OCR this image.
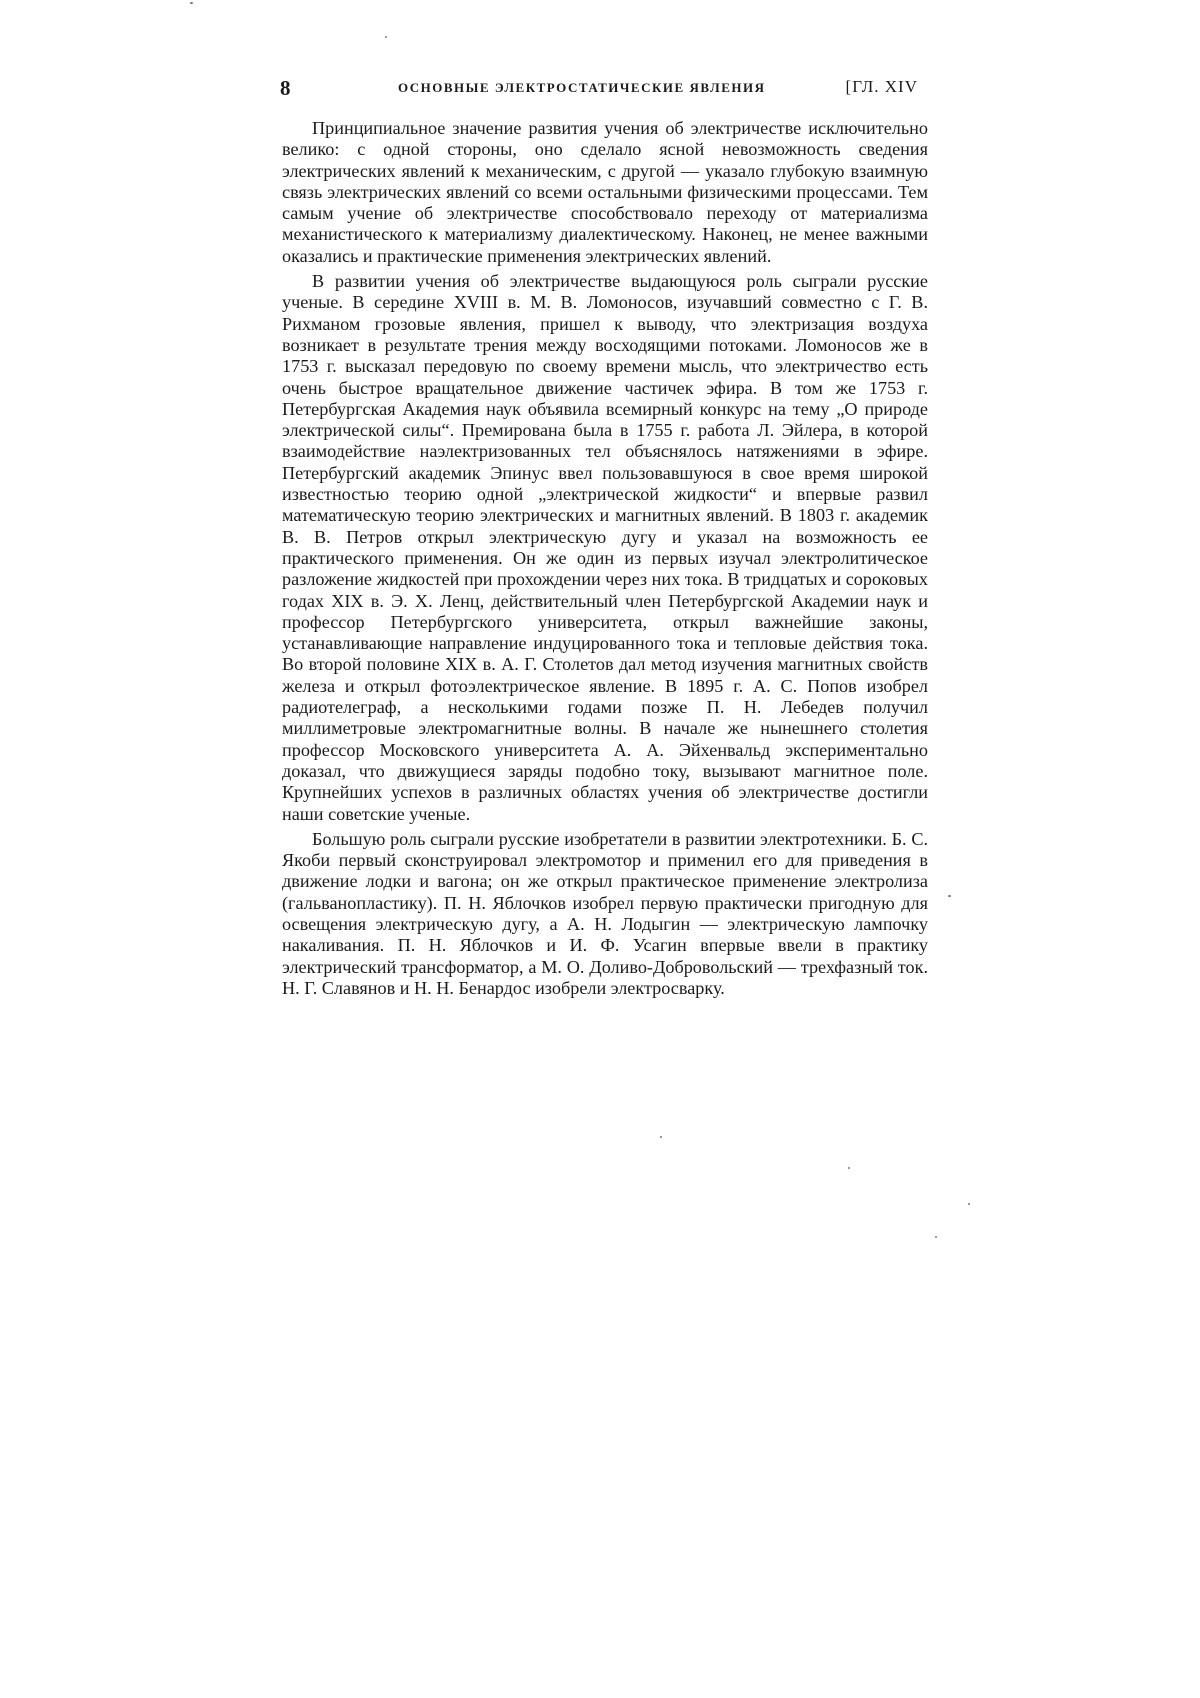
8	ОСНОВНЫЕ ЭЛЕКТРОСТАТИЧЕСКИЕ ЯВЛЕНИЯ	[ГЛ. XIV

Принципиальное значение развития учения об электричестве исключительно велико: с одной стороны, оно сделало ясной невозможность сведения электрических явлений к механическим, с другой — указало глубокую взаимную связь электрических явлений со всеми остальными физическими процессами. Тем самым учение об электричестве способствовало переходу от материализма механистического к материализму диалектическому. Наконец, не менее важными оказались и практические применения электрических явлений.

В развитии учения об электричестве выдающуюся роль сыграли русские ученые. В середине XVIII в. М. В. Ломоносов, изучавший совместно с Г. В. Рихманом грозовые явления, пришел к выводу, что электризация воздуха возникает в результате трения между восходящими потоками. Ломоносов же в 1753 г. высказал передовую по своему времени мысль, что электричество есть очень быстрое вращательное движение частичек эфира. В том же 1753 г. Петербургская Академия наук объявила всемирный конкурс на тему „О природе электрической силы“. Премирована была в 1755 г. работа Л. Эйлера, в которой взаимодействие наэлектризованных тел объяснялось натяжениями в эфире. Петербургский академик Эпинус ввел пользовавшуюся в свое время широкой известностью теорию одной „электрической жидкости“ и впервые развил математическую теорию электрических и магнитных явлений. В 1803 г. академик В. В. Петров открыл электрическую дугу и указал на возможность ее практического применения. Он же один из первых изучал электролитическое разложение жидкостей при прохождении через них тока. В тридцатых и сороковых годах XIX в. Э. X. Ленц, действительный член Петербургской Академии наук и профессор Петербургского университета, открыл важнейшие законы, устанавливающие направление индуцированного тока и тепловые действия тока. Во второй половине XIX в. А. Г. Столетов дал метод изучения магнитных свойств железа и открыл фотоэлектрическое явление. В 1895 г. А. С. Попов изобрел радиотелеграф, а несколькими годами позже П. Н. Лебедев получил миллиметровые электромагнитные волны. В начале же нынешнего столетия профессор Московского университета А. А. Эйхенвальд экспериментально доказал, что движущиеся заряды подобно току, вызывают магнитное поле. Крупнейших успехов в различных областях учения об электричестве достигли наши советские ученые.

Большую роль сыграли русские изобретатели в развитии электротехники. Б. С. Якоби первый сконструировал электромотор и применил его для приведения в движение лодки и вагона; он же открыл практическое применение электролиза (гальванопластику). П. Н. Яблочков изобрел первую практически пригодную для освещения электрическую дугу, а А. Н. Лодыгин — электрическую лампочку накаливания. П. Н. Яблочков и И. Ф. Усагин впервые ввели в практику электрический трансформатор, а М. О. Доливо-Добровольский — трехфазный ток. Н. Г. Славянов и Н. Н. Бенардос изобрели электросварку.
